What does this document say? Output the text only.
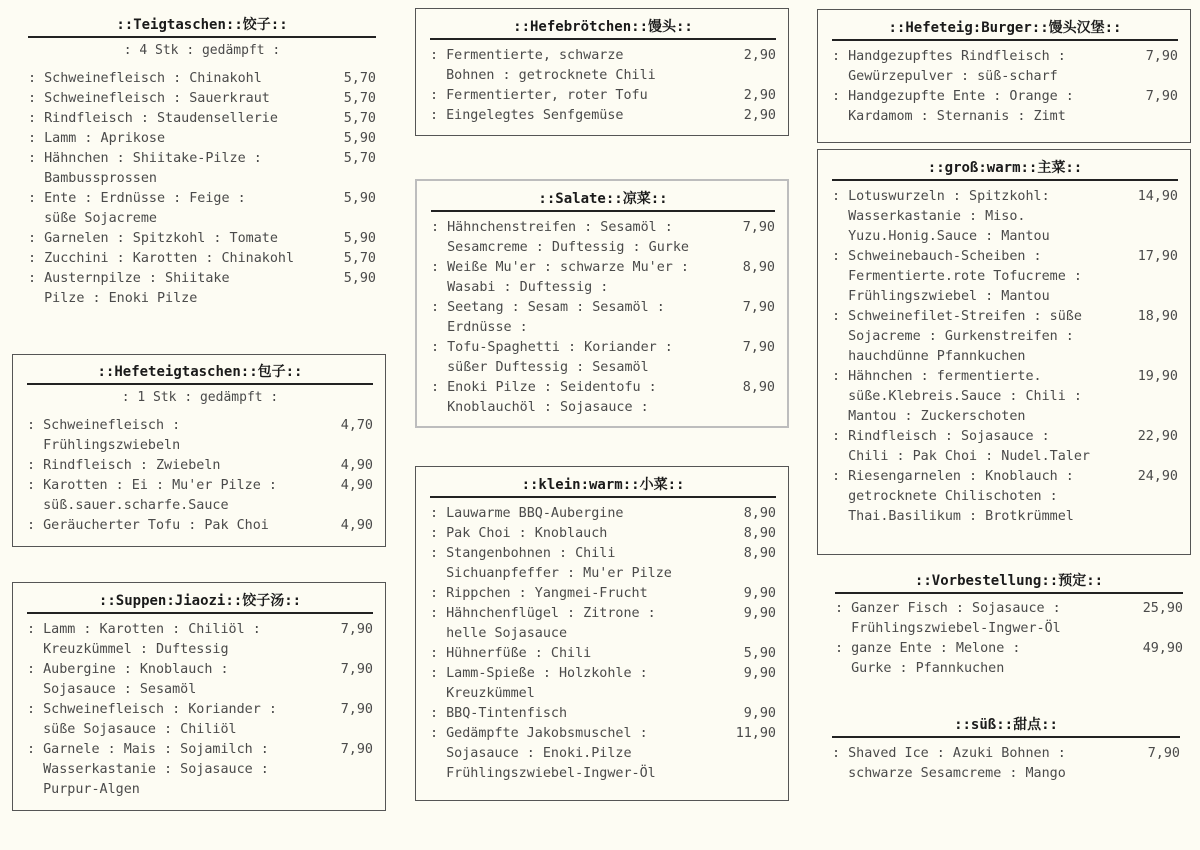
::Teigtaschen::饺子::
: 4 Stk : gedämpft :
: Schweinefleisch : Chinakohl	5,70
: Schweinefleisch : Sauerkraut	5,70
: Rindfleisch : Staudensellerie	5,70
: Lamm : Aprikose	5,90
: Hähnchen : Shiitake-Pilze :
Bambussprossen
5,70
: Ente : Erdnüsse : Feige :
süße Sojacreme
5,90
: Garnelen : Spitzkohl : Tomate	5,90
: Zucchini : Karotten : Chinakohl	5,70
: Austernpilze : Shiitake
Pilze : Enoki Pilze
5,90
::Hefeteigtaschen::包子::
: 1 Stk : gedämpft :
: Schweinefleisch :
Frühlingszwiebeln
4,70
: Rindfleisch : Zwiebeln	4,90
: Karotten : Ei : Mu'er Pilze :
süß.sauer.scharfe.Sauce
4,90
: Geräucherter Tofu : Pak Choi	4,90
::Suppen:Jiaozi::饺子汤::
: Lamm : Karotten : Chiliöl :
Kreuzkümmel : Duftessig
7,90
: Aubergine : Knoblauch :
Sojasauce : Sesamöl
7,90
: Schweinefleisch : Koriander :
süße Sojasauce : Chiliöl
7,90
: Garnele : Mais : Sojamilch :
Wasserkastanie : Sojasauce :
Purpur-Algen
7,90
::Hefebrötchen::馒头::
: Fermentierte, schwarze
Bohnen : getrocknete Chili
2,90
: Fermentierter, roter Tofu	2,90
: Eingelegtes Senfgemüse	2,90
::Salate::凉菜::
: Hähnchenstreifen : Sesamöl :
Sesamcreme : Duftessig : Gurke
7,90
: Weiße Mu'er : schwarze Mu'er :
Wasabi : Duftessig :
8,90
: Seetang : Sesam : Sesamöl :
Erdnüsse :
7,90
: Tofu-Spaghetti : Koriander :
süßer Duftessig : Sesamöl
7,90
: Enoki Pilze : Seidentofu :
Knoblauchöl : Sojasauce :
8,90
::klein:warm::小菜::
: Lauwarme BBQ-Aubergine	8,90
: Pak Choi : Knoblauch	8,90
: Stangenbohnen : Chili
Sichuanpfeffer : Mu'er Pilze
8,90
: Rippchen : Yangmei-Frucht	9,90
: Hähnchenflügel : Zitrone :
helle Sojasauce
9,90
: Hühnerfüße : Chili	5,90
: Lamm-Spieße : Holzkohle :
Kreuzkümmel
9,90
: BBQ-Tintenfisch	9,90
: Gedämpfte Jakobsmuschel :
Sojasauce : Enoki.Pilze
Frühlingszwiebel-Ingwer-Öl
11,90
::Hefeteig:Burger::馒头汉堡::
: Handgezupftes Rindfleisch :
Gewürzepulver : süß-scharf
7,90
: Handgezupfte Ente : Orange :
Kardamom : Sternanis : Zimt
7,90
::groß:warm::主菜::
: Lotuswurzeln : Spitzkohl:
Wasserkastanie : Miso.
Yuzu.Honig.Sauce : Mantou
14,90
: Schweinebauch-Scheiben :
Fermentierte.rote Tofucreme :
Frühlingszwiebel : Mantou
17,90
: Schweinefilet-Streifen : süße
Sojacreme : Gurkenstreifen :
hauchdünne Pfannkuchen
18,90
: Hähnchen : fermentierte.
süße.Klebreis.Sauce : Chili :
Mantou : Zuckerschoten
19,90
: Rindfleisch : Sojasauce :
Chili : Pak Choi : Nudel.Taler
22,90
: Riesengarnelen : Knoblauch :
getrocknete Chilischoten :
Thai.Basilikum : Brotkrümmel
24,90
::Vorbestellung::预定::
: Ganzer Fisch : Sojasauce :
Frühlingszwiebel-Ingwer-Öl
25,90
: ganze Ente : Melone :
Gurke : Pfannkuchen
49,90
::süß::甜点::
: Shaved Ice : Azuki Bohnen :
schwarze Sesamcreme : Mango
7,90
